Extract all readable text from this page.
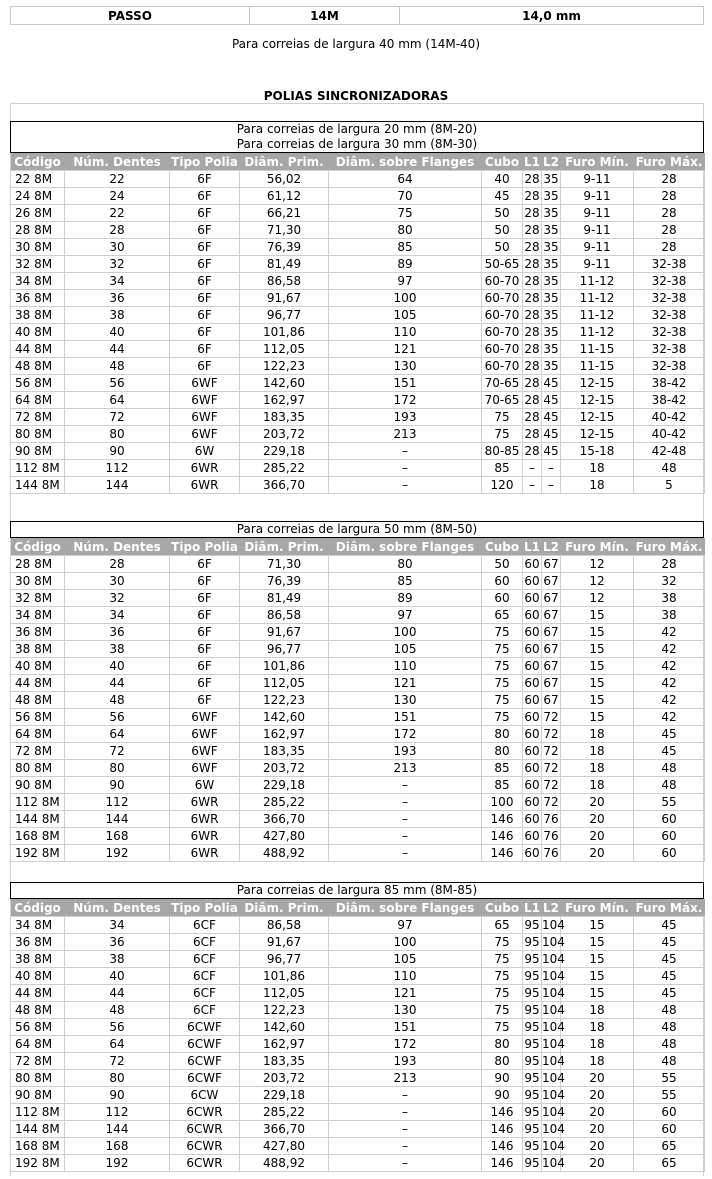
PASSO	14M	14,0 mm
Para correias de largura 40 mm (14M-40)
POLIAS SINCRONIZADORAS
Para correias de largura 20 mm (8M-20)
Para correias de largura 30 mm (8M-30)
Código	Núm. Dentes	Tipo Polia	Diâm. Prim.	Diâm. sobre Flanges	Cubo	L1	L2	Furo Mín.	Furo Máx.
22 8M	22	6F	56,02	64	40	28	35	9-11	28
24 8M	24	6F	61,12	70	45	28	35	9-11	28
26 8M	22	6F	66,21	75	50	28	35	9-11	28
28 8M	28	6F	71,30	80	50	28	35	9-11	28
30 8M	30	6F	76,39	85	50	28	35	9-11	28
32 8M	32	6F	81,49	89	50-65	28	35	9-11	32-38
34 8M	34	6F	86,58	97	60-70	28	35	11-12	32-38
36 8M	36	6F	91,67	100	60-70	28	35	11-12	32-38
38 8M	38	6F	96,77	105	60-70	28	35	11-12	32-38
40 8M	40	6F	101,86	110	60-70	28	35	11-12	32-38
44 8M	44	6F	112,05	121	60-70	28	35	11-15	32-38
48 8M	48	6F	122,23	130	60-70	28	35	11-15	32-38
56 8M	56	6WF	142,60	151	70-65	28	45	12-15	38-42
64 8M	64	6WF	162,97	172	70-65	28	45	12-15	38-42
72 8M	72	6WF	183,35	193	75	28	45	12-15	40-42
80 8M	80	6WF	203,72	213	75	28	45	12-15	40-42
90 8M	90	6W	229,18	–	80-85	28	45	15-18	42-48
112 8M	112	6WR	285,22	–	85	–	–	18	48
144 8M	144	6WR	366,70	–	120	–	–	18	5
Para correias de largura 50 mm (8M-50)
Código	Núm. Dentes	Tipo Polia	Diâm. Prim.	Diâm. sobre Flanges	Cubo	L1	L2	Furo Mín.	Furo Máx.
28 8M	28	6F	71,30	80	50	60	67	12	28
30 8M	30	6F	76,39	85	60	60	67	12	32
32 8M	32	6F	81,49	89	60	60	67	12	38
34 8M	34	6F	86,58	97	65	60	67	15	38
36 8M	36	6F	91,67	100	75	60	67	15	42
38 8M	38	6F	96,77	105	75	60	67	15	42
40 8M	40	6F	101,86	110	75	60	67	15	42
44 8M	44	6F	112,05	121	75	60	67	15	42
48 8M	48	6F	122,23	130	75	60	67	15	42
56 8M	56	6WF	142,60	151	75	60	72	15	42
64 8M	64	6WF	162,97	172	80	60	72	18	45
72 8M	72	6WF	183,35	193	80	60	72	18	45
80 8M	80	6WF	203,72	213	85	60	72	18	48
90 8M	90	6W	229,18	–	85	60	72	18	48
112 8M	112	6WR	285,22	–	100	60	72	20	55
144 8M	144	6WR	366,70	–	146	60	76	20	60
168 8M	168	6WR	427,80	–	146	60	76	20	60
192 8M	192	6WR	488,92	–	146	60	76	20	60
Para correias de largura 85 mm (8M-85)
Código	Núm. Dentes	Tipo Polia	Diâm. Prim.	Diâm. sobre Flanges	Cubo	L1	L2	Furo Mín.	Furo Máx.
34 8M	34	6CF	86,58	97	65	95	104	15	45
36 8M	36	6CF	91,67	100	75	95	104	15	45
38 8M	38	6CF	96,77	105	75	95	104	15	45
40 8M	40	6CF	101,86	110	75	95	104	15	45
44 8M	44	6CF	112,05	121	75	95	104	15	45
48 8M	48	6CF	122,23	130	75	95	104	18	48
56 8M	56	6CWF	142,60	151	75	95	104	18	48
64 8M	64	6CWF	162,97	172	80	95	104	18	48
72 8M	72	6CWF	183,35	193	80	95	104	18	48
80 8M	80	6CWF	203,72	213	90	95	104	20	55
90 8M	90	6CW	229,18	–	90	95	104	20	55
112 8M	112	6CWR	285,22	–	146	95	104	20	60
144 8M	144	6CWR	366,70	–	146	95	104	20	60
168 8M	168	6CWR	427,80	–	146	95	104	20	65
192 8M	192	6CWR	488,92	–	146	95	104	20	65
